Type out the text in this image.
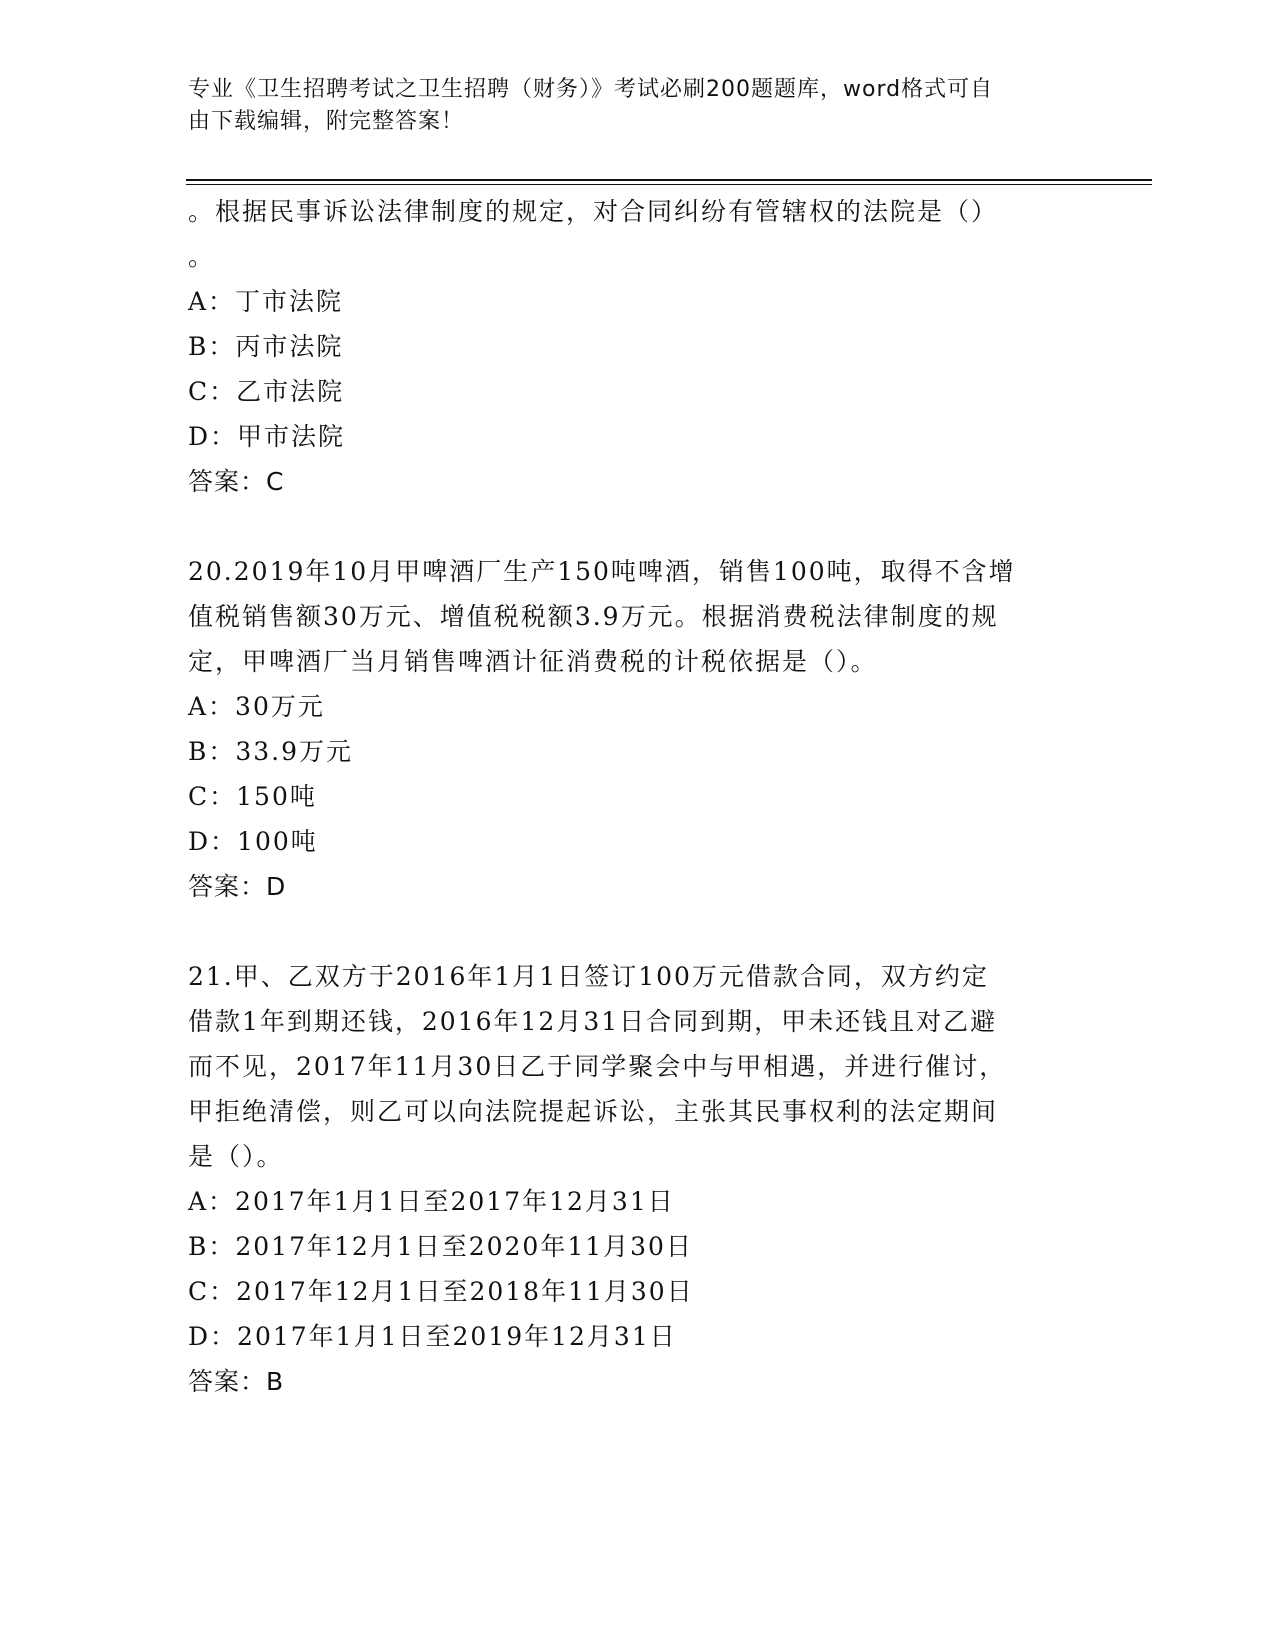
专业《卫生招聘考试之卫生招聘（财务）》考试必刷200题题库，word格式可自
由下载编辑，附完整答案！
。根据民事诉讼法律制度的规定，对合同纠纷有管辖权的法院是（）
。
A：丁市法院
B：丙市法院
C：乙市法院
D：甲市法院
答案：C
20.2019年10月甲啤酒厂生产150吨啤酒，销售100吨，取得不含增
值税销售额30万元、增值税税额3.9万元。根据消费税法律制度的规
定，甲啤酒厂当月销售啤酒计征消费税的计税依据是（）。
A：30万元
B：33.9万元
C：150吨
D：100吨
答案：D
21.甲、乙双方于2016年1月1日签订100万元借款合同，双方约定
借款1年到期还钱，2016年12月31日合同到期，甲未还钱且对乙避
而不见，2017年11月30日乙于同学聚会中与甲相遇，并进行催讨，
甲拒绝清偿，则乙可以向法院提起诉讼，主张其民事权利的法定期间
是（）。
A：2017年1月1日至2017年12月31日
B：2017年12月1日至2020年11月30日
C：2017年12月1日至2018年11月30日
D：2017年1月1日至2019年12月31日
答案：B
